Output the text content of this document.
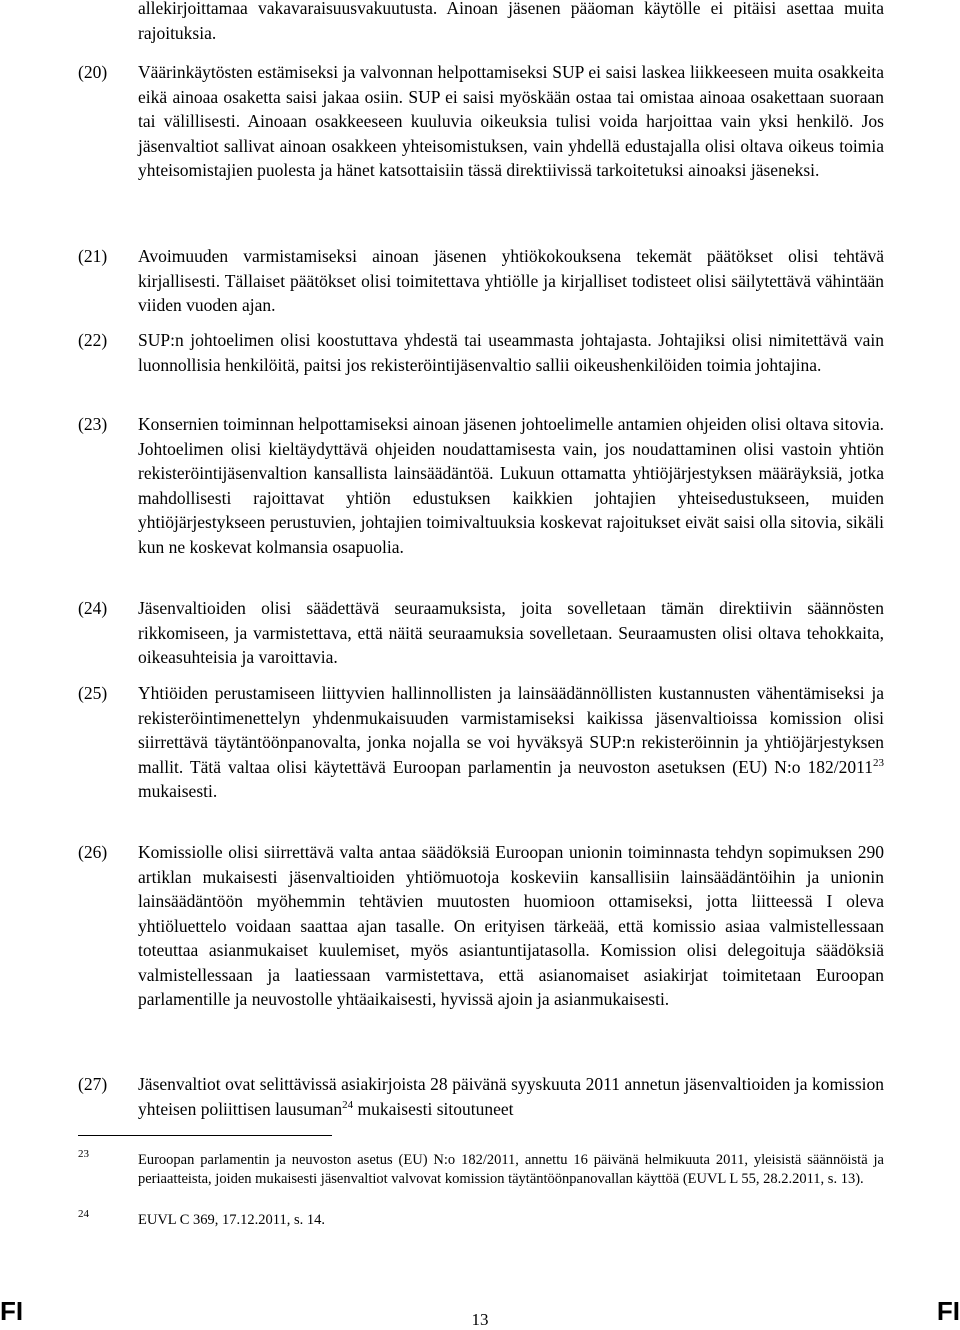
allekirjoittamaa vakavaraisuusvakuutusta. Ainoan jäsenen pääoman käytölle ei pitäisi asettaa muita rajoituksia.
(20)	Väärinkäytösten estämiseksi ja valvonnan helpottamiseksi SUP ei saisi laskea liikkeeseen muita osakkeita eikä ainoaa osaketta saisi jakaa osiin. SUP ei saisi myöskään ostaa tai omistaa ainoaa osakettaan suoraan tai välillisesti. Ainoaan osakkeeseen kuuluvia oikeuksia tulisi voida harjoittaa vain yksi henkilö. Jos jäsenvaltiot sallivat ainoan osakkeen yhteisomistuksen, vain yhdellä edustajalla olisi oltava oikeus toimia yhteisomistajien puolesta ja hänet katsottaisiin tässä direktiivissä tarkoitetuksi ainoaksi jäseneksi.
(21)	Avoimuuden varmistamiseksi ainoan jäsenen yhtiökokouksena tekemät päätökset olisi tehtävä kirjallisesti. Tällaiset päätökset olisi toimitettava yhtiölle ja kirjalliset todisteet olisi säilytettävä vähintään viiden vuoden ajan.
(22)	SUP:n johtoelimen olisi koostuttava yhdestä tai useammasta johtajasta. Johtajiksi olisi nimitettävä vain luonnollisia henkilöitä, paitsi jos rekisteröintijäsenvaltio sallii oikeushenkilöiden toimia johtajina.
(23)	Konsernien toiminnan helpottamiseksi ainoan jäsenen johtoelimelle antamien ohjeiden olisi oltava sitovia. Johtoelimen olisi kieltäydyttävä ohjeiden noudattamisesta vain, jos noudattaminen olisi vastoin yhtiön rekisteröintijäsenvaltion kansallista lainsäädäntöä. Lukuun ottamatta yhtiöjärjestyksen määräyksiä, jotka mahdollisesti rajoittavat yhtiön edustuksen kaikkien johtajien yhteisedustukseen, muiden yhtiöjärjestykseen perustuvien, johtajien toimivaltuuksia koskevat rajoitukset eivät saisi olla sitovia, sikäli kun ne koskevat kolmansia osapuolia.
(24)	Jäsenvaltioiden olisi säädettävä seuraamuksista, joita sovelletaan tämän direktiivin säännösten rikkomiseen, ja varmistettava, että näitä seuraamuksia sovelletaan. Seuraamusten olisi oltava tehokkaita, oikeasuhteisia ja varoittavia.
(25)	Yhtiöiden perustamiseen liittyvien hallinnollisten ja lainsäädännöllisten kustannusten vähentämiseksi ja rekisteröintimenettelyn yhdenmukaisuuden varmistamiseksi kaikissa jäsenvaltioissa komission olisi siirrettävä täytäntöönpanovalta, jonka nojalla se voi hyväksyä SUP:n rekisteröinnin ja yhtiöjärjestyksen mallit. Tätä valtaa olisi käytettävä Euroopan parlamentin ja neuvoston asetuksen (EU) N:o 182/2011$^{23}$ mukaisesti.
(26)	Komissiolle olisi siirrettävä valta antaa säädöksiä Euroopan unionin toiminnasta tehdyn sopimuksen 290 artiklan mukaisesti jäsenvaltioiden yhtiömuotoja koskeviin kansallisiin lainsäädäntöihin ja unionin lainsäädäntöön myöhemmin tehtävien muutosten huomioon ottamiseksi, jotta liitteessä I oleva yhtiöluettelo voidaan saattaa ajan tasalle. On erityisen tärkeää, että komissio asiaa valmistellessaan toteuttaa asianmukaiset kuulemiset, myös asiantuntijatasolla. Komission olisi delegoituja säädöksiä valmistellessaan ja laatiessaan varmistettava, että asianomaiset asiakirjat toimitetaan Euroopan parlamentille ja neuvostolle yhtäaikaisesti, hyvissä ajoin ja asianmukaisesti.
(27)	Jäsenvaltiot ovat selittävissä asiakirjoista 28 päivänä syyskuuta 2011 annetun jäsenvaltioiden ja komission yhteisen poliittisen lausuman$^{24}$ mukaisesti sitoutuneet
23	Euroopan parlamentin ja neuvoston asetus (EU) N:o 182/2011, annettu 16 päivänä helmikuuta 2011, yleisistä säännöistä ja periaatteista, joiden mukaisesti jäsenvaltiot valvovat komission täytäntöönpanovallan käyttöä (EUVL L 55, 28.2.2011, s. 13).
24	EUVL C 369, 17.12.2011, s. 14.
FI	13	FI
